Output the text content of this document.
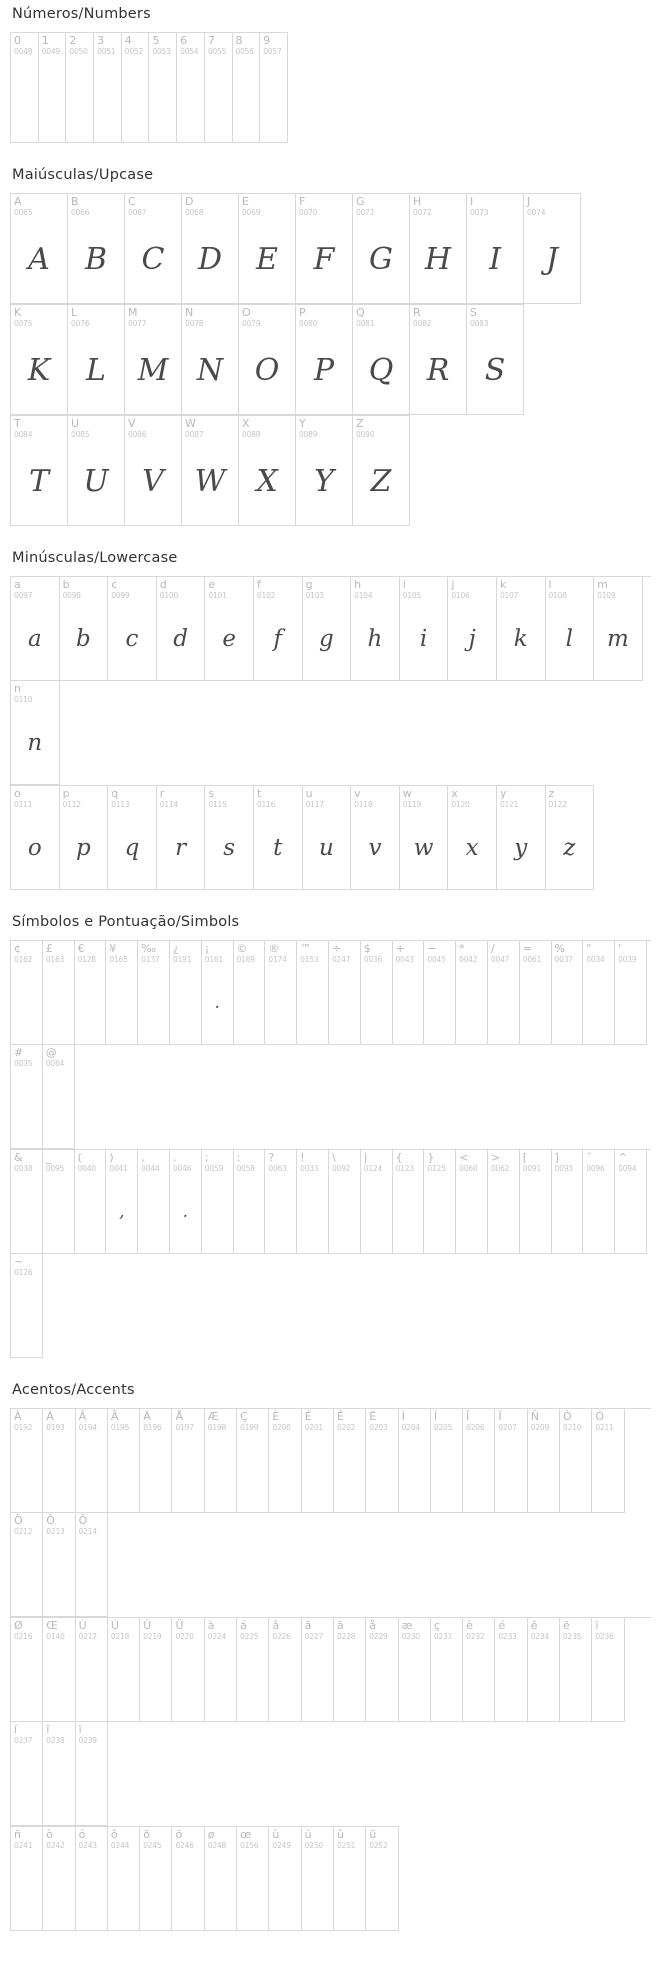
Números/Numbers
0
0048
1
0049
2
0050
3
0051
4
0052
5
0053
6
0054
7
0055
8
0056
9
0057
Maiúsculas/Upcase
A
0065
A
B
0066
B
C
0067
C
D
0068
D
E
0069
E
F
0070
F
G
0071
G
H
0072
H
I
0073
I
J
0074
J
K
0075
K
L
0076
L
M
0077
M
N
0078
N
O
0079
O
P
0080
P
Q
0081
Q
R
0082
R
S
0083
S
T
0084
T
U
0085
U
V
0086
V
W
0087
W
X
0088
X
Y
0089
Y
Z
0090
Z
Minúsculas/Lowercase
a
0097
a
b
0098
b
c
0099
c
d
0100
d
e
0101
e
f
0102
f
g
0103
g
h
0104
h
i
0105
i
j
0106
j
k
0107
k
l
0108
l
m
0109
m
n
0110
n
o
0111
o
p
0112
p
q
0113
q
r
0114
r
s
0115
s
t
0116
t
u
0117
u
v
0118
v
w
0119
w
x
0120
x
y
0121
y
z
0122
z
Símbolos e Pontuação/Simbols
¢
0162
£
0163
€
0128
¥
0165
‰
0137
¿
0191
¡
0161
.
©
0169
®
0174
™
0153
÷
0247
$
0036
+
0043
−
0045
*
0042
/
0047
=
0061
%
0037
"
0034
'
0039
#
0035
@
0064
&
0038
_
0095
(
0040
)
0041
,
,
0044
.
0046
.
;
0059
:
0058
?
0063
!
0033
\
0092
|
0124
{
0123
}
0125
<
0060
>
0062
[
0091
]
0093
˘
0096
^
0094
~
0126
Acentos/Accents
À
0192
Á
0193
Â
0194
Ã
0195
Ä
0196
Å
0197
Æ
0198
Ç
0199
È
0200
É
0201
Ê
0202
Ë
0203
Ì
0204
Í
0205
Î
0206
Ï
0207
Ñ
0209
Ò
0210
Ó
0211
Ô
0212
Õ
0213
Ö
0214
Ø
0216
Œ
0140
Ù
0217
Ú
0218
Û
0219
Ü
0220
à
0224
á
0225
â
0226
ã
0227
ä
0228
å
0229
æ
0230
ç
0231
è
0232
é
0233
ê
0234
ë
0235
ì
0236
í
0237
î
0238
ï
0239
ñ
0241
ò
0242
ó
0243
ô
0244
õ
0245
ö
0246
ø
0248
œ
0156
ù
0249
ú
0250
û
0251
ü
0252
